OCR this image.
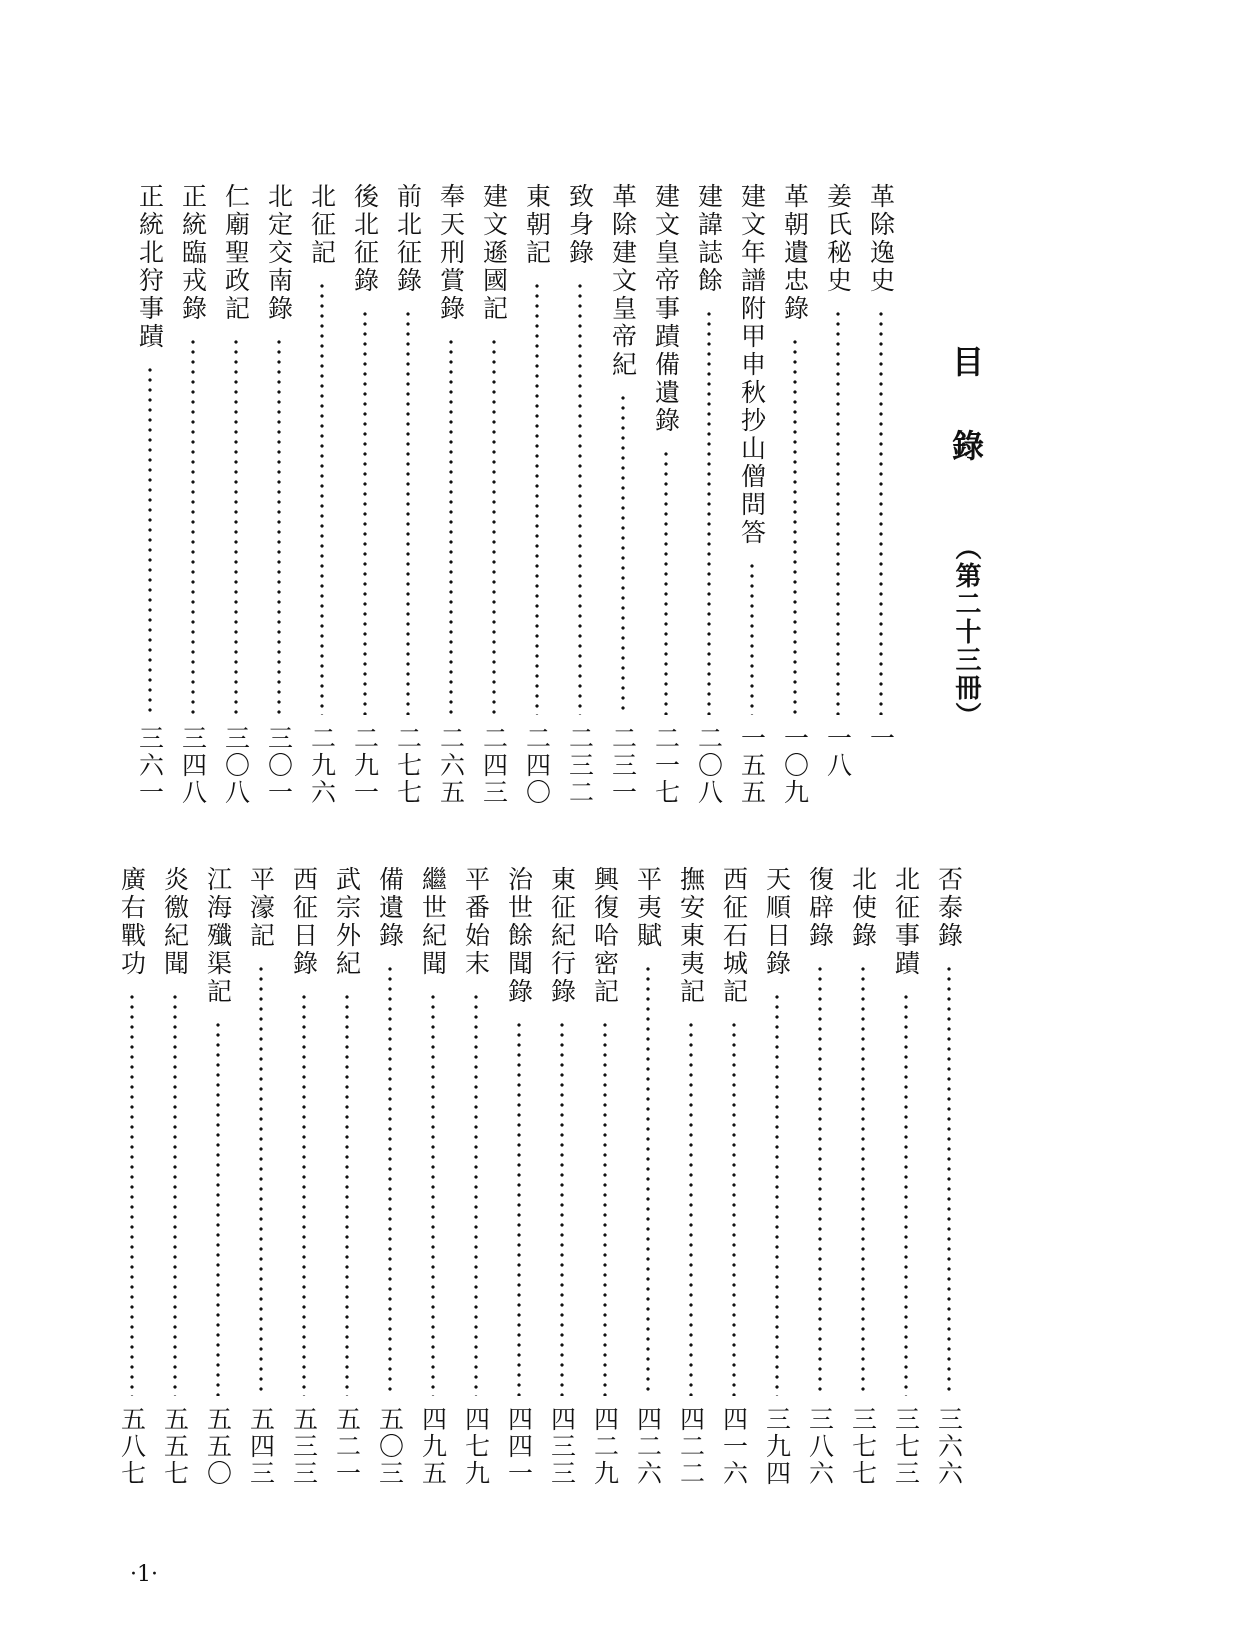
目錄 （第二十三冊）
革除逸史
一
姜氏秘史
一八
革朝遺忠錄
一〇九
建文年譜附甲申秋抄山僧問答
一五五
建諱誌餘
二〇八
建文皇帝事蹟備遺錄
二一七
革除建文皇帝紀
二三一
致身錄
二三二
東朝記
二四〇
建文遜國記
二四三
奉天刑賞錄
二六五
前北征錄
二七七
後北征錄
二九一
北征記
二九六
北定交南錄
三〇一
仁廟聖政記
三〇八
正統臨戎錄
三四八
正統北狩事蹟
三六一
否泰錄
三六六
北征事蹟
三七三
北使錄
三七七
復辟錄
三八六
天順日錄
三九四
西征石城記
四一六
撫安東夷記
四二二
平夷賦
四二六
興復哈密記
四二九
東征紀行錄
四三三
治世餘聞錄
四四一
平番始末
四七九
繼世紀聞
四九五
備遺錄
五〇三
武宗外紀
五二一
西征日錄
五三三
平濠記
五四三
江海殲渠記
五五〇
炎徼紀聞
五五七
廣右戰功
五八七
·1·
